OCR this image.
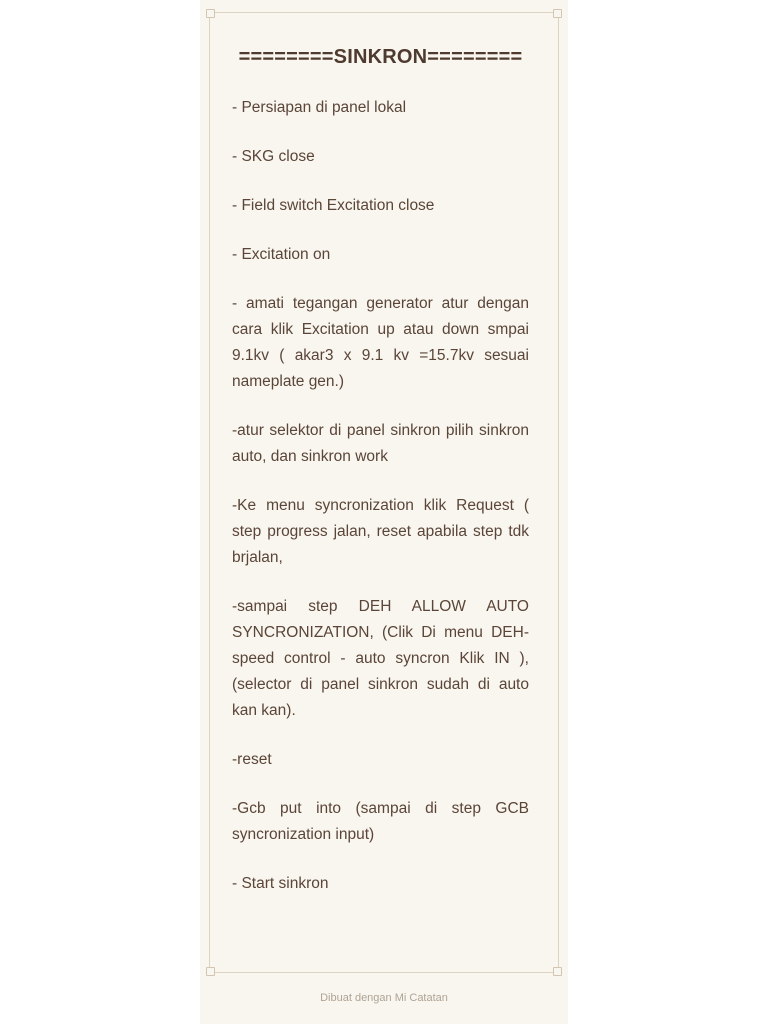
========SINKRON========
- Persiapan di panel lokal
- SKG close
- Field switch Excitation close
- Excitation on
- amati tegangan generator atur dengan cara klik Excitation up atau down smpai 9.1kv ( akar3 x 9.1 kv =15.7kv sesuai nameplate gen.)
-atur selektor di panel sinkron pilih sinkron auto, dan sinkron work
-Ke menu syncronization klik Request ( step progress jalan, reset apabila step tdk brjalan,
-sampai step DEH ALLOW AUTO SYNCRONIZATION, (Clik Di menu DEH-speed control - auto syncron Klik IN ),(selector di panel sinkron sudah di auto kan kan).
-reset
-Gcb put into (sampai di step GCB syncronization input)
- Start sinkron
Dibuat dengan Mi Catatan
